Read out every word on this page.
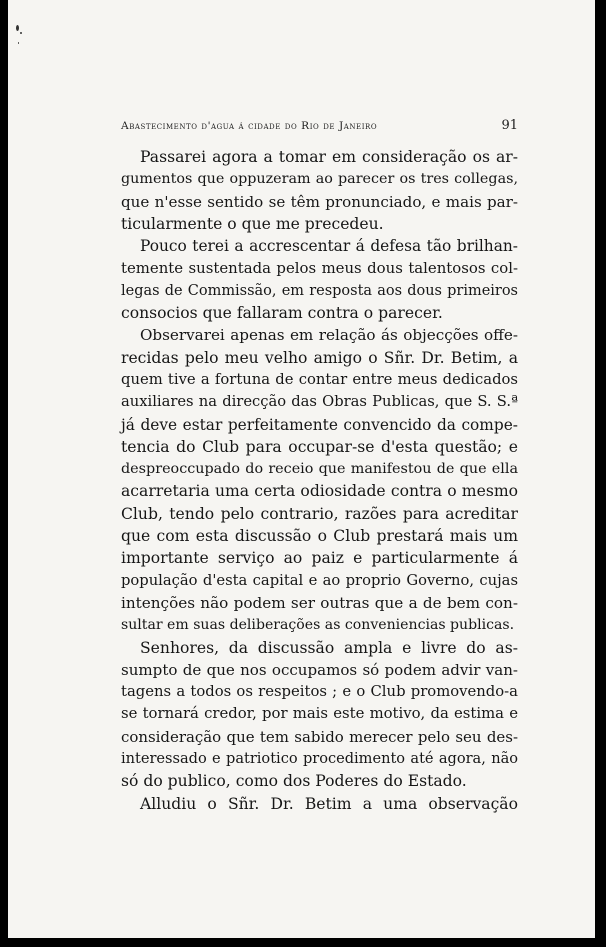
Abastecimento d'agua á cidade do Rio de Janeiro	91

Passarei agora a tomar em consideração os ar-
gumentos que oppuzeram ao parecer os tres collegas,
que n'esse sentido se têm pronunciado, e mais par-
ticularmente o que me precedeu.

Pouco terei a accrescentar á defesa tão brilhan-
temente sustentada pelos meus dous talentosos col-
legas de Commissão, em resposta aos dous primeiros
consocios que fallaram contra o parecer.

Observarei apenas em relação ás objecções offe-
recidas pelo meu velho amigo o Sñr. Dr. Betim, a
quem tive a fortuna de contar entre meus dedicados
auxiliares na direcção das Obras Publicas, que S. S.ª
já deve estar perfeitamente convencido da compe-
tencia do Club para occupar-se d'esta questão; e
despreoccupado do receio que manifestou de que ella
acarretaria uma certa odiosidade contra o mesmo
Club, tendo pelo contrario, razões para acreditar
que com esta discussão o Club prestará mais um
importante serviço ao paiz e particularmente á
população d'esta capital e ao proprio Governo, cujas
intenções não podem ser outras que a de bem con-
sultar em suas deliberações as conveniencias publicas.

Senhores, da discussão ampla e livre do as-
sumpto de que nos occupamos só podem advir van-
tagens a todos os respeitos ; e o Club promovendo-a
se tornará credor, por mais este motivo, da estima e
consideração que tem sabido merecer pelo seu des-
interessado e patriotico procedimento até agora, não
só do publico, como dos Poderes do Estado.

Alludiu o Sñr. Dr. Betim a uma observação
